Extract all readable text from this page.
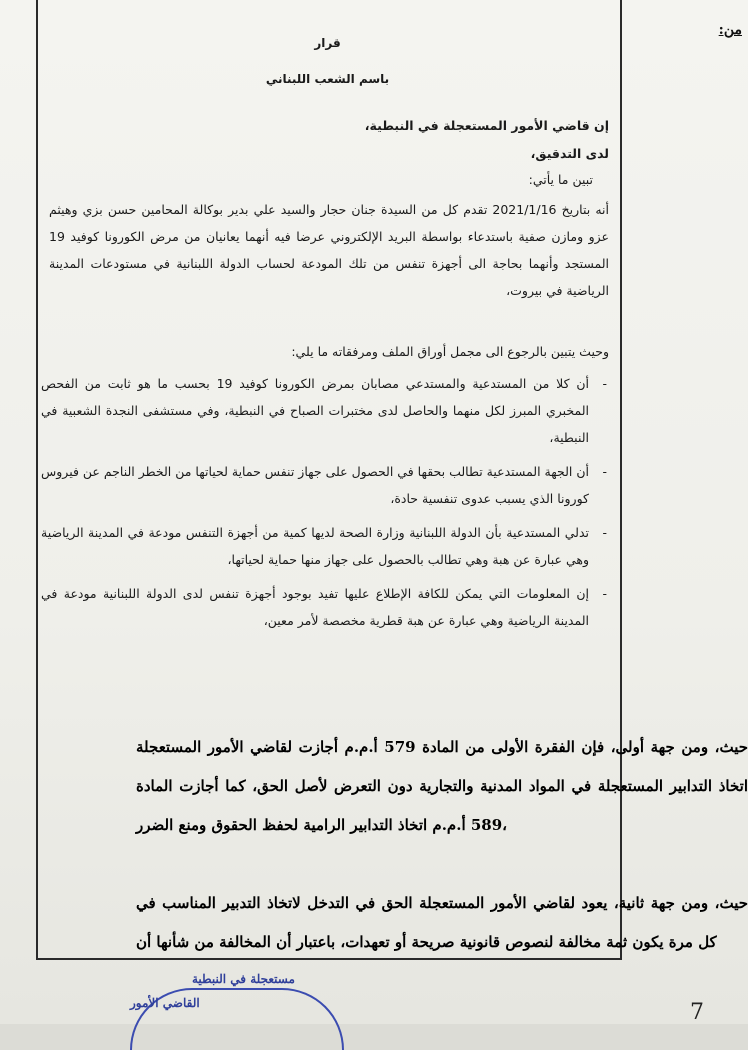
من:
قرار
باسم الشعب اللبناني
إن قاضي الأمور المستعجلة في النبطية،
لدى التدقيق،
تبين ما يأتي:
أنه بتاريخ 2021/1/16 تقدم كل من السيدة جنان حجار والسيد علي بدير بوكالة المحامين حسن بزي وهيثم عزو ومازن صفية باستدعاء بواسطة البريد الإلكتروني عرضا فيه أنهما يعانيان من مرض الكورونا كوفيد 19 المستجد وأنهما بحاجة الى أجهزة تنفس من تلك المودعة لحساب الدولة اللبنانية في مستودعات المدينة الرياضية في بيروت،
وحيث يتبين بالرجوع الى مجمل أوراق الملف ومرفقاته ما يلي:
- أن كلا من المستدعية والمستدعي مصابان بمرض الكورونا كوفيد 19 بحسب ما هو ثابت من الفحص المخبري المبرز لكل منهما والحاصل لدى مختبرات الصباح في النبطية، وفي مستشفى النجدة الشعبية في النبطية،
- أن الجهة المستدعية تطالب بحقها في الحصول على جهاز تنفس حماية لحياتها من الخطر الناجم عن فيروس كورونا الذي يسبب عدوى تنفسية حادة،
- تدلي المستدعية بأن الدولة اللبنانية وزارة الصحة لديها كمية من أجهزة التنفس مودعة في المدينة الرياضية وهي عبارة عن هبة وهي تطالب بالحصول على جهاز منها حماية لحياتها،
- إن المعلومات التي يمكن للكافة الإطلاع عليها تفيد بوجود أجهزة تنفس لدى الدولة اللبنانية مودعة في المدينة الرياضية وهي عبارة عن هبة قطرية مخصصة لأمر معين،
حيث، ومن جهة أولى، فإن الفقرة الأولى من المادة 579 أ.م.م أجازت لقاضي الأمور المستعجلة اتخاذ التدابير المستعجلة في المواد المدنية والتجارية دون التعرض لأصل الحق، كما أجازت المادة 589 أ.م.م اتخاذ التدابير الرامية لحفظ الحقوق ومنع الضرر،
حيث، ومن جهة ثانية، يعود لقاضي الأمور المستعجلة الحق في التدخل لاتخاذ التدبير المناسب في كل مرة يكون ثمة مخالفة لنصوص قانونية صريحة أو تعهدات، باعتبار أن المخالفة من شأنها أن
مستعجلة في النبطية
القاضي الأمور	7
